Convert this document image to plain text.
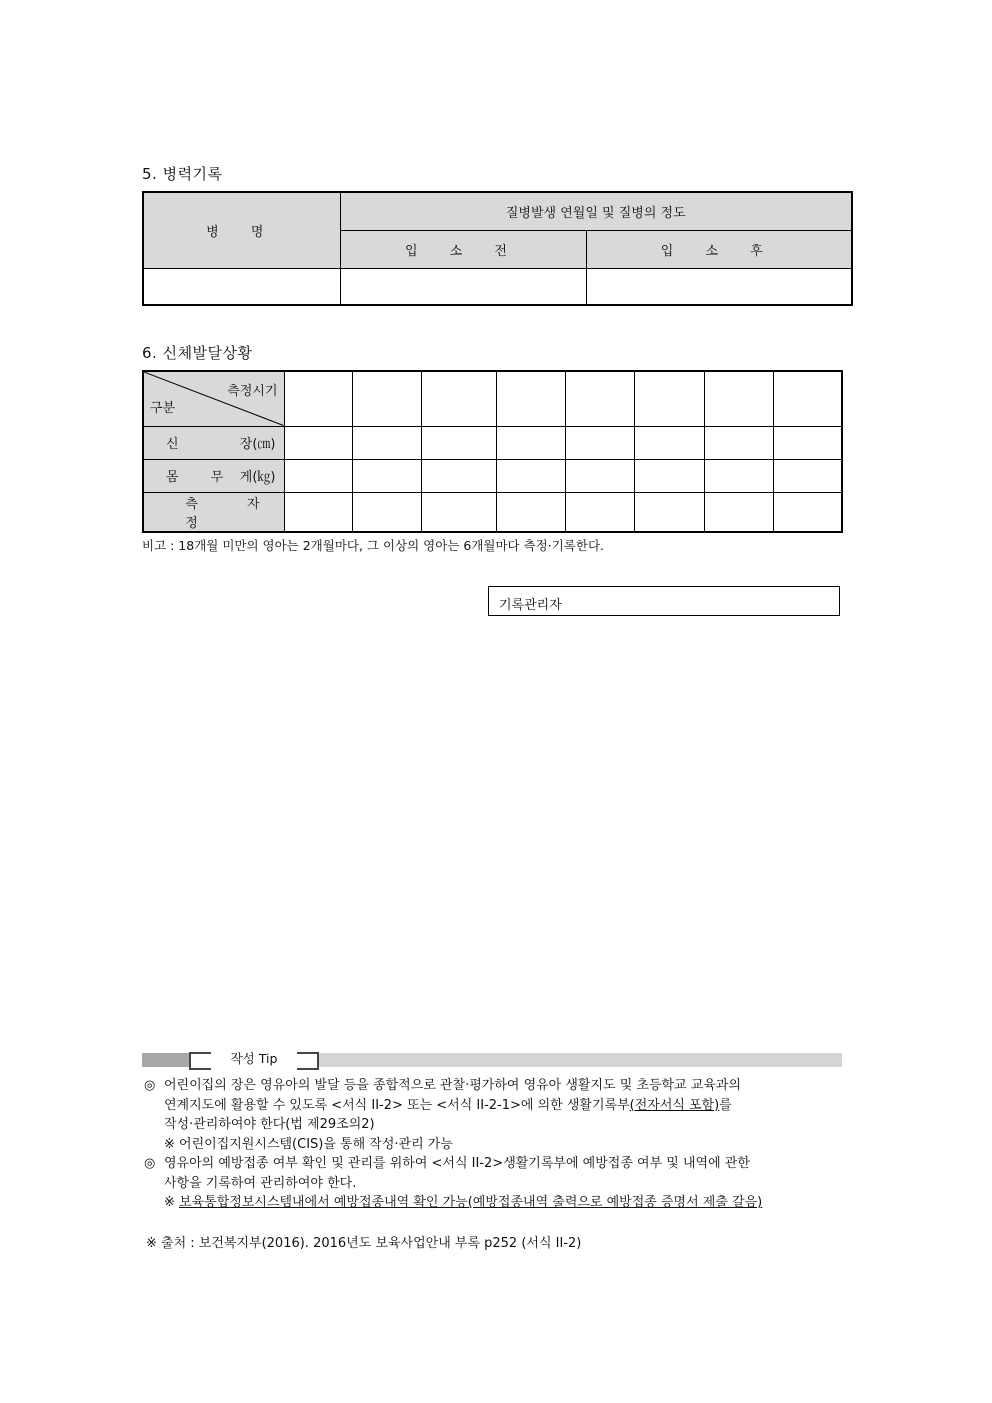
5. 병력기록
병 명	질병발생 연월일 및 질병의 정도	
	입 소 전	입 소 후

6. 신체발달상황
측정시기
구분								

신 장(㎝)								

몸 무 게(㎏)								

측 정
자								

비고 : 18개월 미만의 영아는 2개월마다, 그 이상의 영아는 6개월마다 측정·기록한다.
기록관리자
작성 Tip
◎ 어린이집의 장은 영유아의 발달 등을 종합적으로 관찰·평가하여 영유아 생활지도 및 초등학교 교육과의
연계지도에 활용할 수 있도록 <서식 II-2> 또는 <서식 II-2-1>에 의한 생활기록부(전자서식 포함)를
작성·관리하여야 한다(법 제29조의2)
※ 어린이집지원시스템(CIS)을 통해 작성·관리 가능
◎ 영유아의 예방접종 여부 확인 및 관리를 위하여 <서식 II-2>생활기록부에 예방접종 여부 및 내역에 관한
사항을 기록하여 관리하여야 한다.
※ 보육통합정보시스템내에서 예방접종내역 확인 가능(예방접종내역 출력으로 예방접종 증명서 제출 갈음)
※ 출처 : 보건복지부(2016). 2016년도 보육사업안내 부록 p252 (서식 II-2)
